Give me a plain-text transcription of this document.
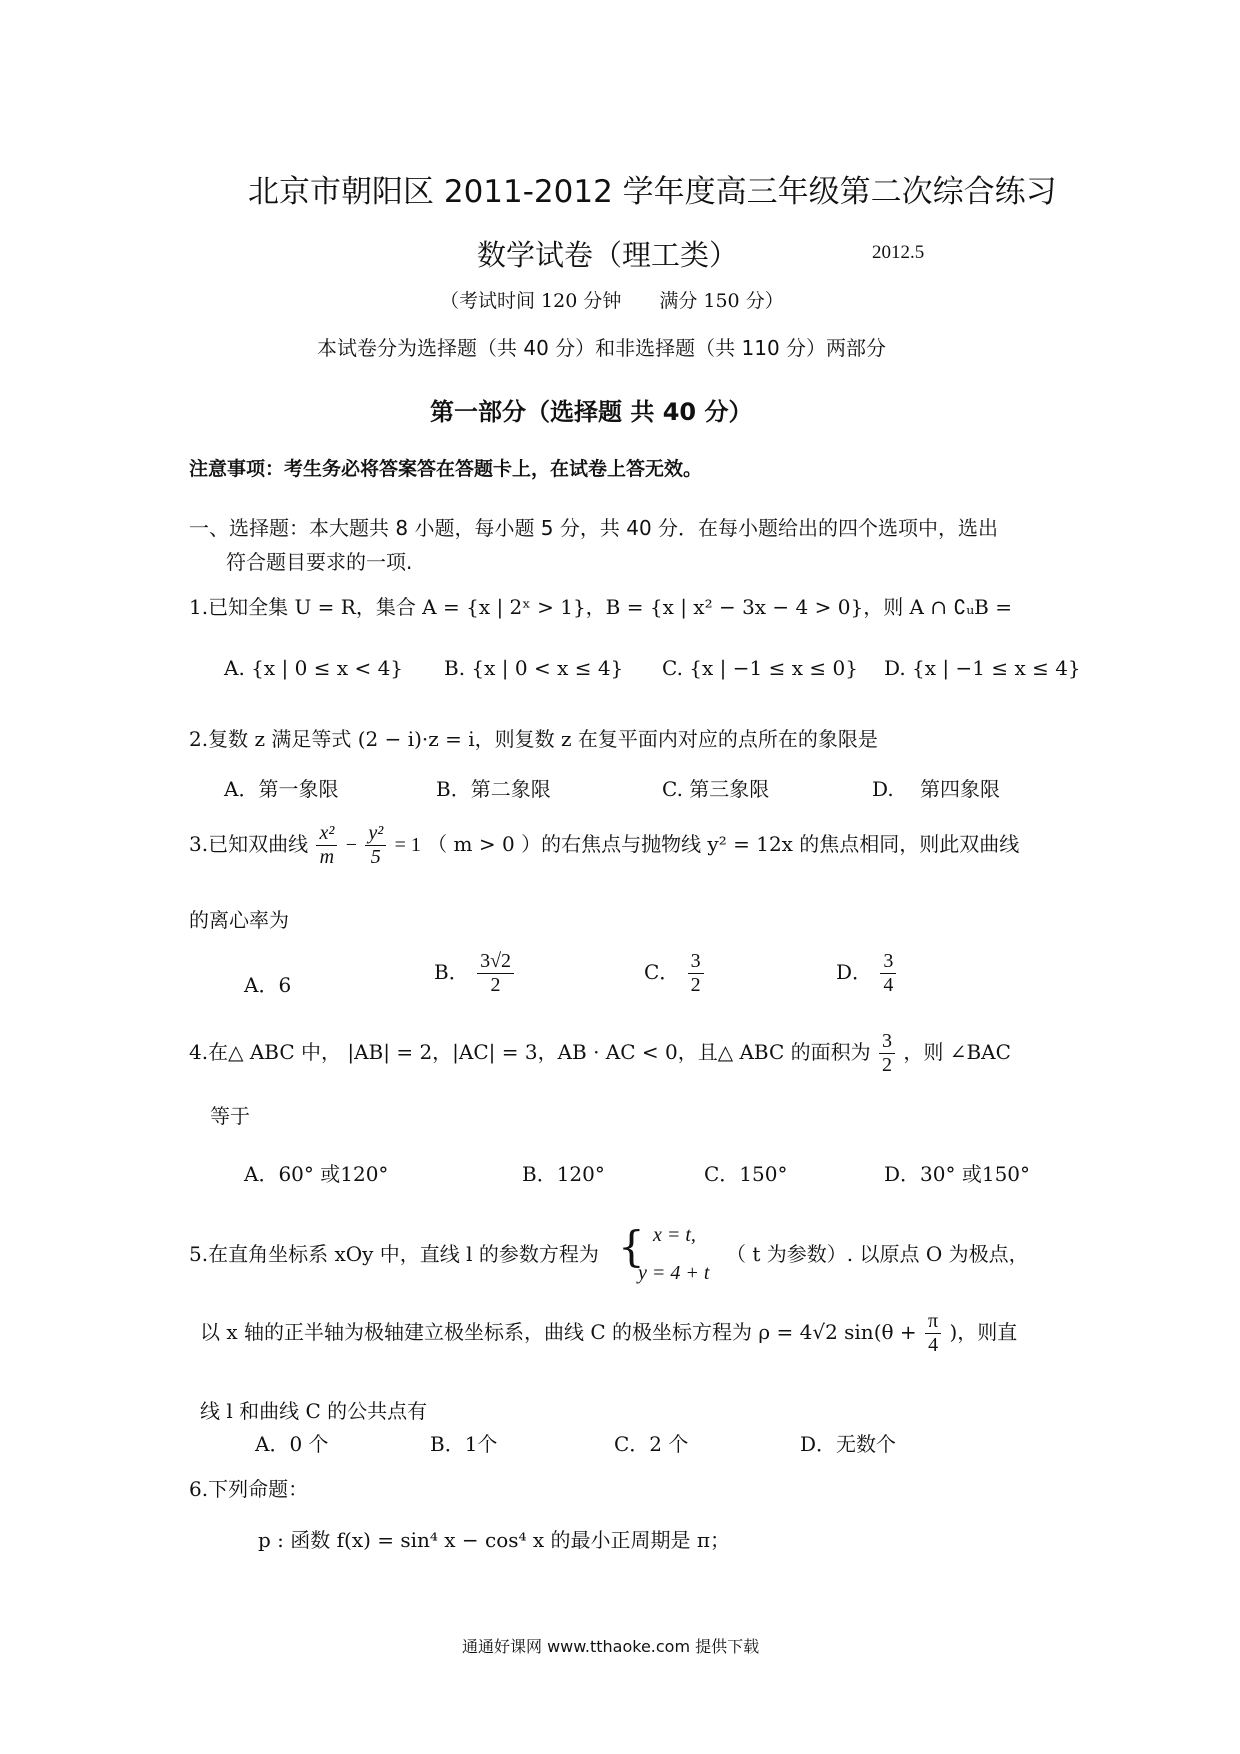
北京市朝阳区 2011-2012 学年度高三年级第二次综合练习
数学试卷（理工类）	2012.5
（考试时间 120 分钟　　满分 150 分）
本试卷分为选择题（共 40 分）和非选择题（共 110 分）两部分
第一部分（选择题 共 40 分）
注意事项：考生务必将答案答在答题卡上，在试卷上答无效。
一、选择题：本大题共 8 小题，每小题 5 分，共 40 分．在每小题给出的四个选项中，选出
符合题目要求的一项.
1.已知全集 U = R，集合 A = {x | 2ˣ > 1}，B = {x | x² − 3x − 4 > 0}，则 A ∩ ∁ᵤB =
A. {x | 0 ≤ x < 4} B. {x | 0 < x ≤ 4} C. {x | −1 ≤ x ≤ 0} D. {x | −1 ≤ x ≤ 4}
2.复数 z 满足等式 (2 − i)·z = i，则复数 z 在复平面内对应的点所在的象限是
A．第一象限	B．第二象限	C. 第三象限	D.　 第四象限
3.已知双曲线 $\frac{\text{x²}}{m} - \frac{\text{y²}}{5} = 1$ （ m > 0 ）的右焦点与抛物线 y² = 12x 的焦点相同，则此双曲线
的离心率为
A．6
B． $\frac{3√2}{2}$	C． $\frac{3}{2}$	D． $\frac{3}{4}$
4.在△ ABC 中， |AB| = 2，|AC| = 3，AB · AC < 0，且△ ABC 的面积为 $\frac{3}{2}$ ，则 ∠BAC
等于
A．60° 或120°	B．120°	C．150°	D．30° 或150°
5.在直角坐标系 xOy 中，直线 l 的参数方程为 { x = t,
y = 4 + t
（ t 为参数）. 以原点 O 为极点，
以 x 轴的正半轴为极轴建立极坐标系，曲线 C 的极坐标方程为 ρ = 4√2 $\sin(\theta + \frac{\pi}{4}$ )，则直
线 l 和曲线 C 的公共点有
A．0 个	B．1个	C．2 个	D．无数个
6.下列命题：
p : 函数 f(x) = sin⁴ x − cos⁴ x 的最小正周期是 π；
通通好课网 www.tthaoke.com 提供下载
